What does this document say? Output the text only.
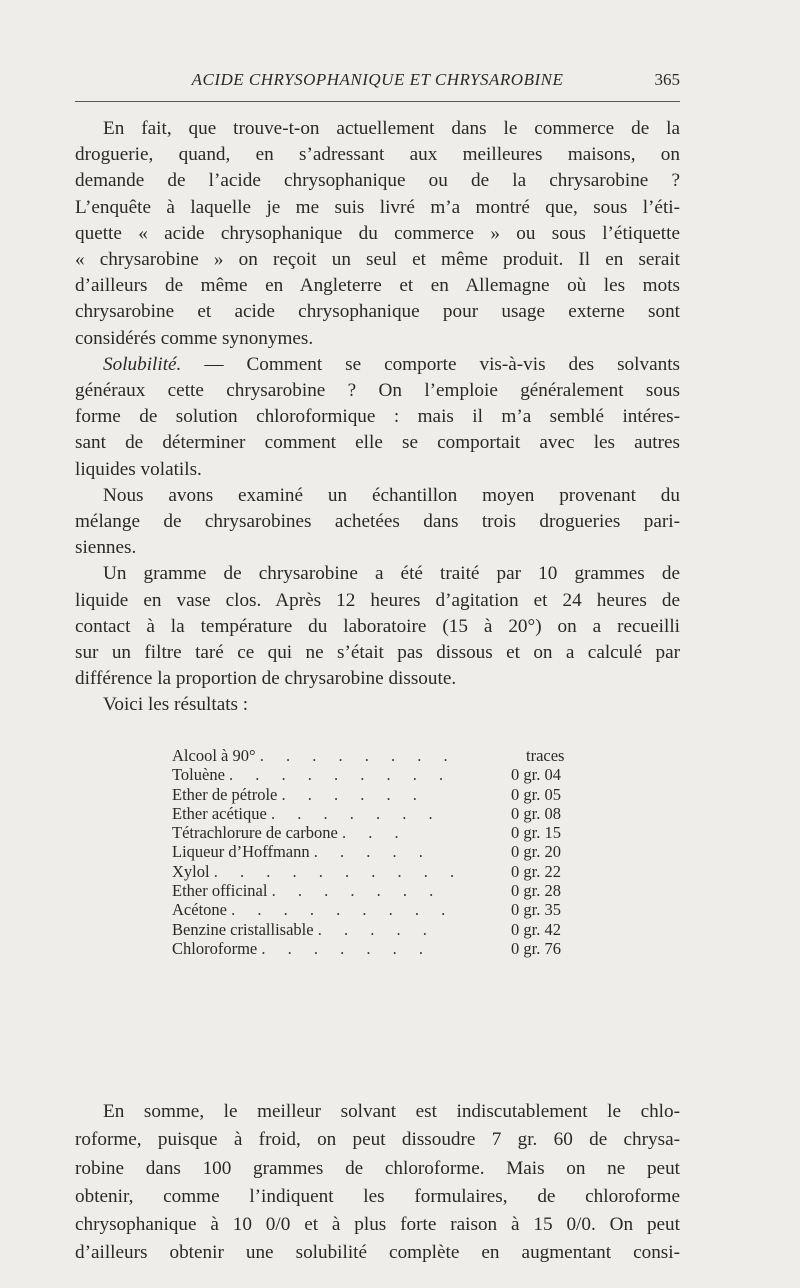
ACIDE CHRYSOPHANIQUE ET CHRYSAROBINE	365
En fait, que trouve-t-on actuellement dans le commerce de la
droguerie, quand, en s’adressant aux meilleures maisons, on
demande de l’acide chrysophanique ou de la chrysarobine ?
L’enquête à laquelle je me suis livré m’a montré que, sous l’éti-
quette « acide chrysophanique du commerce » ou sous l’étiquette
« chrysarobine » on reçoit un seul et même produit. Il en serait
d’ailleurs de même en Angleterre et en Allemagne où les mots
chrysarobine et acide chrysophanique pour usage externe sont
considérés comme synonymes.
Solubilité. — Comment se comporte vis-à-vis des solvants
généraux cette chrysarobine ? On l’emploie généralement sous
forme de solution chloroformique : mais il m’a semblé intéres-
sant de déterminer comment elle se comportait avec les autres
liquides volatils.
Nous avons examiné un échantillon moyen provenant du
mélange de chrysarobines achetées dans trois drogueries pari-
siennes.
Un gramme de chrysarobine a été traité par 10 grammes de
liquide en vase clos. Après 12 heures d’agitation et 24 heures de
contact à la température du laboratoire (15 à 20°) on a recueilli
sur un filtre taré ce qui ne s’était pas dissous et on a calculé par
différence la proportion de chrysarobine dissoute.
Voici les résultats :
Alcool à 90° . . . . . . . .	traces
Toluène . . . . . . . . .	0 gr. 04
Ether de pétrole . . . . . .	0 gr. 05
Ether acétique . . . . . . .	0 gr. 08
Tétrachlorure de carbone . . .	0 gr. 15
Liqueur d’Hoffmann . . . . .	0 gr. 20
Xylol . . . . . . . . . .	0 gr. 22
Ether officinal . . . . . . .	0 gr. 28
Acétone . . . . . . . . .	0 gr. 35
Benzine cristallisable . . . . .	0 gr. 42
Chloroforme . . . . . . .	0 gr. 76
En somme, le meilleur solvant est indiscutablement le chlo-
roforme, puisque à froid, on peut dissoudre 7 gr. 60 de chrysa-
robine dans 100 grammes de chloroforme. Mais on ne peut
obtenir, comme l’indiquent les formulaires, de chloroforme
chrysophanique à 10 0/0 et à plus forte raison à 15 0/0. On peut
d’ailleurs obtenir une solubilité complète en augmentant consi-
